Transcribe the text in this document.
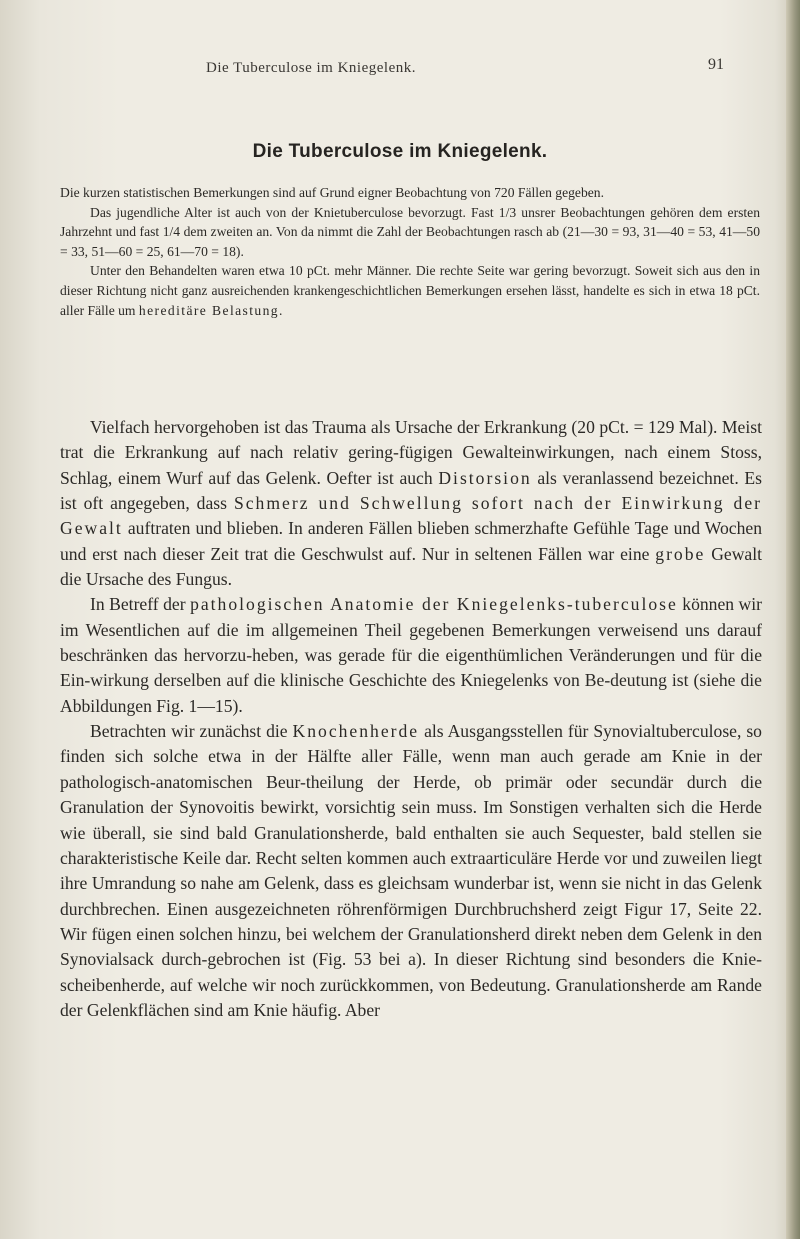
Die Tuberculose im Kniegelenk.	91
Die Tuberculose im Kniegelenk.

Die kurzen statistischen Bemerkungen sind auf Grund eigner Beobachtung von 720 Fällen gegeben.

Das jugendliche Alter ist auch von der Knietuberculose bevorzugt. Fast 1/3 unsrer Beobachtungen gehören dem ersten Jahrzehnt und fast 1/4 dem zweiten an. Von da nimmt die Zahl der Beobachtungen rasch ab (21—30 = 93, 31—40 = 53, 41—50 = 33, 51—60 = 25, 61—70 = 18).

Unter den Behandelten waren etwa 10 pCt. mehr Männer. Die rechte Seite war gering bevorzugt. Soweit sich aus den in dieser Richtung nicht ganz ausreichenden krankengeschichtlichen Bemerkungen ersehen lässt, handelte es sich in etwa 18 pCt. aller Fälle um hereditäre Belastung.

Vielfach hervorgehoben ist das Trauma als Ursache der Erkrankung (20 pCt. = 129 Mal). Meist trat die Erkrankung auf nach relativ gering-fügigen Gewalteinwirkungen, nach einem Stoss, Schlag, einem Wurf auf das Gelenk. Oefter ist auch Distorsion als veranlassend bezeichnet. Es ist oft angegeben, dass Schmerz und Schwellung sofort nach der Einwirkung der Gewalt auftraten und blieben. In anderen Fällen blieben schmerzhafte Gefühle Tage und Wochen und erst nach dieser Zeit trat die Geschwulst auf. Nur in seltenen Fällen war eine grobe Gewalt die Ursache des Fungus.

In Betreff der pathologischen Anatomie der Kniegelenks-tuberculose können wir im Wesentlichen auf die im allgemeinen Theil gegebenen Bemerkungen verweisend uns darauf beschränken das hervorzu-heben, was gerade für die eigenthümlichen Veränderungen und für die Ein-wirkung derselben auf die klinische Geschichte des Kniegelenks von Be-deutung ist (siehe die Abbildungen Fig. 1—15).

Betrachten wir zunächst die Knochenherde als Ausgangsstellen für Synovialtuberculose, so finden sich solche etwa in der Hälfte aller Fälle, wenn man auch gerade am Knie in der pathologisch-anatomischen Beur-theilung der Herde, ob primär oder secundär durch die Granulation der Synovoitis bewirkt, vorsichtig sein muss. Im Sonstigen verhalten sich die Herde wie überall, sie sind bald Granulationsherde, bald enthalten sie auch Sequester, bald stellen sie charakteristische Keile dar. Recht selten kommen auch extraarticuläre Herde vor und zuweilen liegt ihre Umrandung so nahe am Gelenk, dass es gleichsam wunderbar ist, wenn sie nicht in das Gelenk durchbrechen. Einen ausgezeichneten röhrenförmigen Durchbruchsherd zeigt Figur 17, Seite 22. Wir fügen einen solchen hinzu, bei welchem der Granulationsherd direkt neben dem Gelenk in den Synovialsack durch-gebrochen ist (Fig. 53 bei a). In dieser Richtung sind besonders die Knie-scheibenherde, auf welche wir noch zurückkommen, von Bedeutung. Granulationsherde am Rande der Gelenkflächen sind am Knie häufig. Aber
